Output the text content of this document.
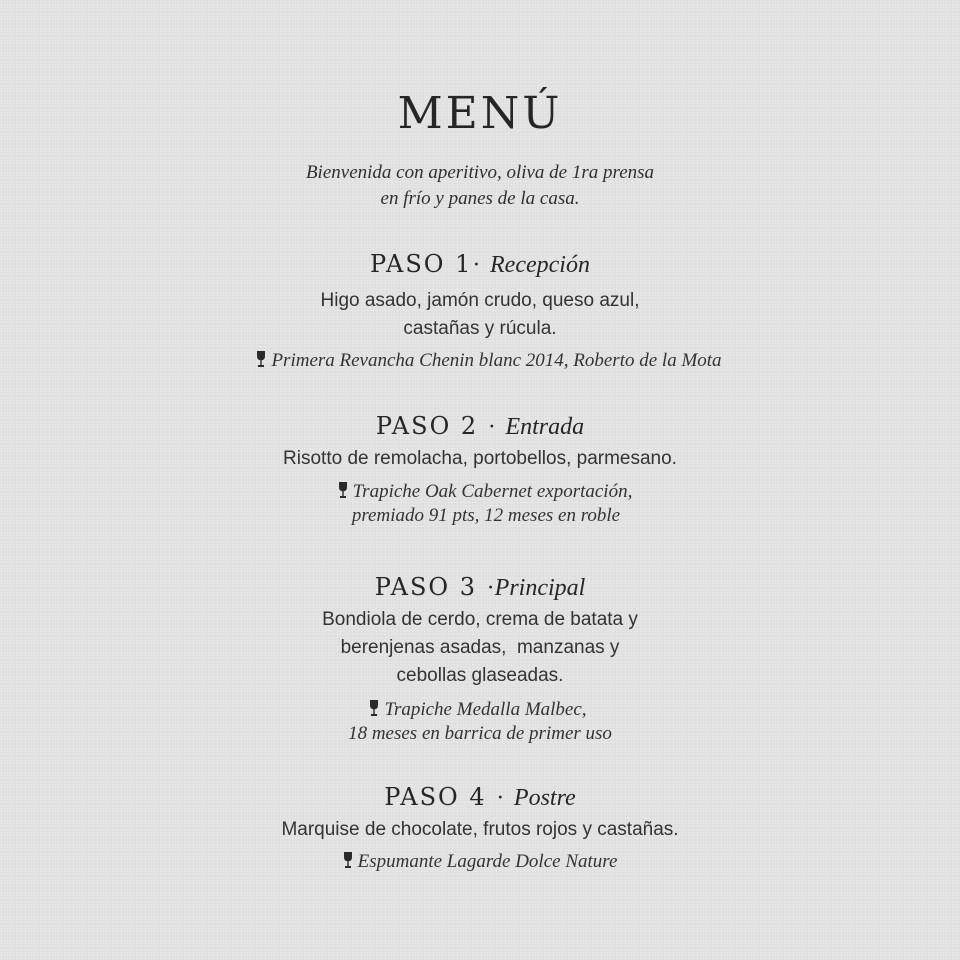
MENÚ
Bienvenida con aperitivo, oliva de 1ra prensa
en frío y panes de la casa.
PASO 1· Recepción
Higo asado, jamón crudo, queso azul,
castañas y rúcula.
Primera Revancha Chenin blanc 2014, Roberto de la Mota
PASO 2 · Entrada
Risotto de remolacha, portobellos, parmesano.
Trapiche Oak Cabernet exportación,
premiado 91 pts, 12 meses en roble
PASO 3 ·Principal
Bondiola de cerdo, crema de batata y
berenjenas asadas,  manzanas y
cebollas glaseadas.
Trapiche Medalla Malbec,
18 meses en barrica de primer uso
PASO 4 · Postre
Marquise de chocolate, frutos rojos y castañas.
Espumante Lagarde Dolce Nature
